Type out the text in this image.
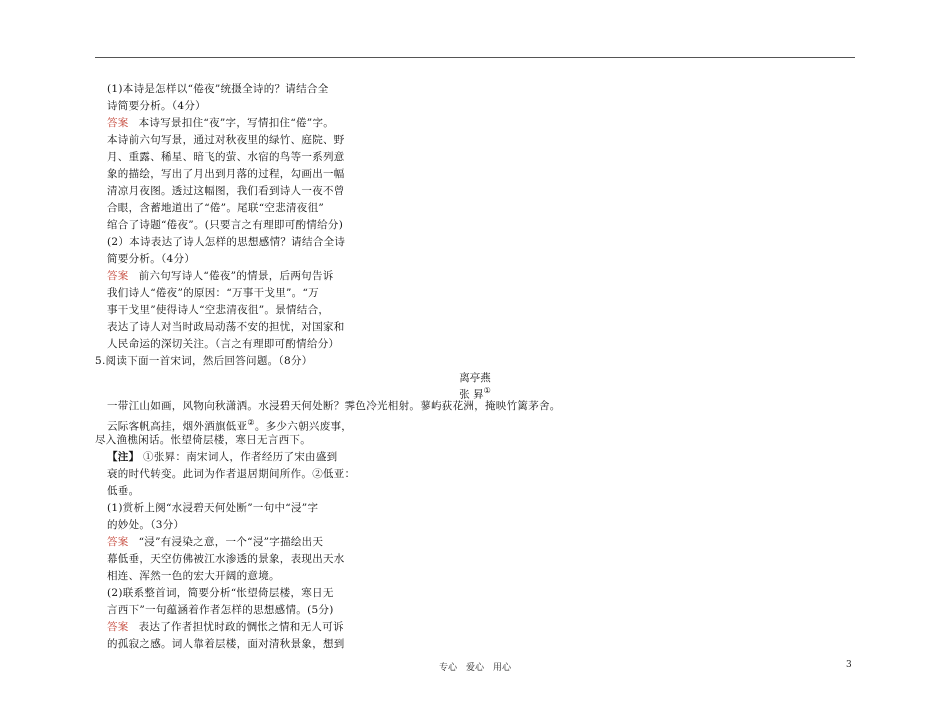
(1)本诗是怎样以“倦夜”统摄全诗的？请结合全
诗简要分析。（4分）
答案 本诗写景扣住“夜”字，写情扣住“倦”字。
本诗前六句写景，通过对秋夜里的绿竹、庭院、野
月、重露、稀星、暗飞的萤、水宿的鸟等一系列意
象的描绘，写出了月出到月落的过程，勾画出一幅
清凉月夜图。透过这幅图，我们看到诗人一夜不曾
合眼，含蓄地道出了“倦”。尾联“空悲清夜徂”
绾合了诗题“倦夜”。(只要言之有理即可酌情给分)
(2）本诗表达了诗人怎样的思想感情？请结合全诗
简要分析。（4分）
答案 前六句写诗人“倦夜”的情景，后两句告诉
我们诗人“倦夜”的原因：“万事干戈里”。“万
事干戈里”使得诗人“空悲清夜徂”。景情结合，
表达了诗人对当时政局动荡不安的担忧，对国家和
人民命运的深切关注。（言之有理即可酌情给分）
5.阅读下面一首宋词，然后回答问题。（8分）
离亭燕
张 昪①
一带江山如画，风物向秋潇洒。水浸碧天何处断？霁色冷光相射。蓼屿荻花洲，掩映竹篱茅舍。
云际客帆高挂，烟外酒旗低亚②。多少六朝兴废事，
尽入渔樵闲话。怅望倚层楼，寒日无言西下。
【注】 ①张昪：南宋词人，作者经历了宋由盛到
衰的时代转变。此词为作者退居期间所作。②低亚：
低垂。
(1)赏析上阕“水浸碧天何处断”一句中“浸”字
的妙处。（3分）
答案 “浸”有浸染之意，一个“浸”字描绘出天
幕低垂，天空仿佛被江水渗透的景象，表现出天水
相连、浑然一色的宏大开阔的意境。
(2)联系整首词，简要分析“怅望倚层楼，寒日无
言西下”一句蕴涵着作者怎样的思想感情。(5分)
答案 表达了作者担忧时政的惆怅之情和无人可诉
的孤寂之感。词人靠着层楼，面对清秋景象，想到
专心　爱心　用心	3
